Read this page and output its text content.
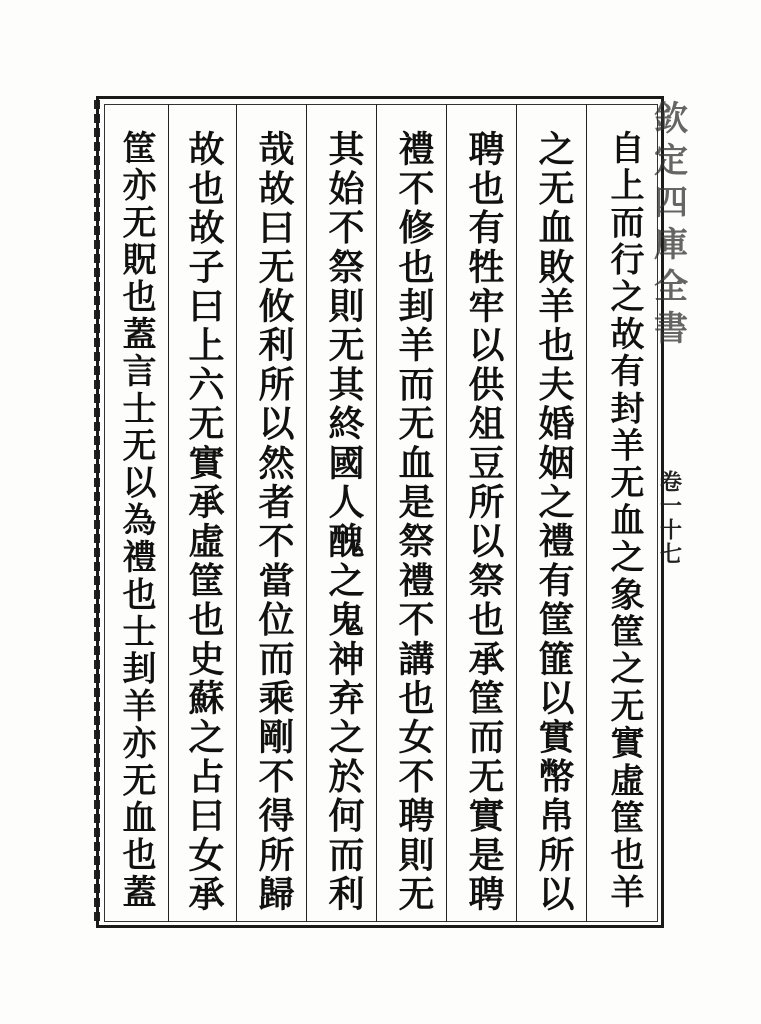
欽定四庫全書
卷一十七
自上而行之故有封羊无血之象筐之无實虛筐也羊
之无血敗羊也夫婚姻之禮有筐篚以實幣帛所以
聘也有牲牢以供俎豆所以祭也承筐而无實是聘
禮不修也刲羊而无血是祭禮不講也女不聘則无
其始不祭則无其終國人醜之鬼神弃之於何而利
哉故曰无攸利所以然者不當位而乘剛不得所歸
故也故子曰上六无實承虛筐也史蘇之占曰女承
筐亦无貺也蓋言士无以為禮也士刲羊亦无血也蓋
